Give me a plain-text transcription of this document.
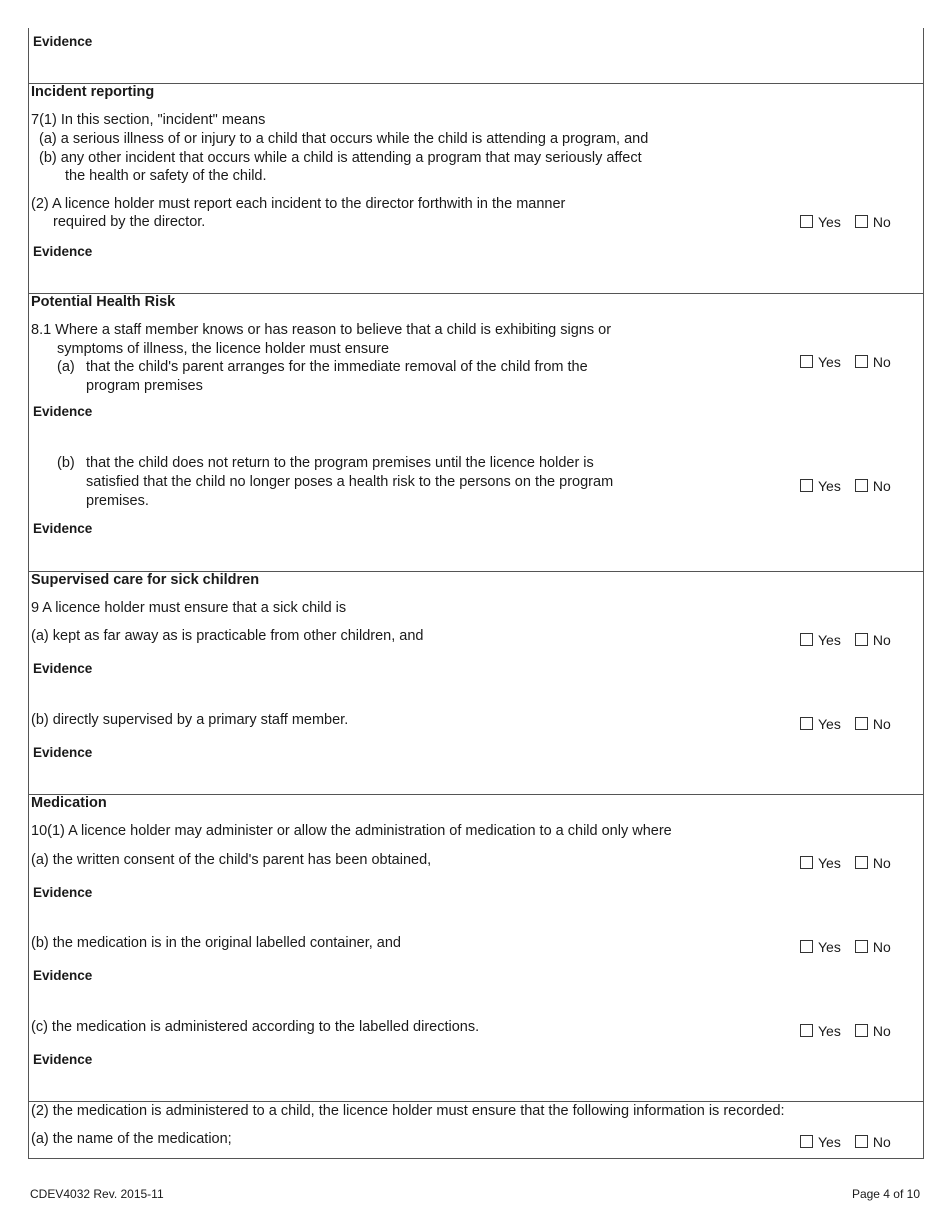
Evidence
Incident reporting
7(1) In this section, "incident" means
(a) a serious illness of or injury to a child that occurs while the child is attending a program, and
(b) any other incident that occurs while a child is attending a program that may seriously affect
the health or safety of the child.
(2) A licence holder must report each incident to the director forthwith in the manner
required by the director.	Yes No
Evidence
Potential Health Risk
8.1 Where a staff member knows or has reason to believe that a child is exhibiting signs or
symptoms of illness, the licence holder must ensure
(a) that the child's parent arranges for the immediate removal of the child from the
program premises
Yes No
Evidence
(b) that the child does not return to the program premises until the licence holder is
satisfied that the child no longer poses a health risk to the persons on the program
premises.
Yes No
Evidence
Supervised care for sick children
9 A licence holder must ensure that a sick child is
(a) kept as far away as is practicable from other children, and	Yes No
Evidence
(b) directly supervised by a primary staff member.	Yes No
Evidence
Medication
10(1) A licence holder may administer or allow the administration of medication to a child only where
(a) the written consent of the child's parent has been obtained,	Yes No
Evidence
(b) the medication is in the original labelled container, and	Yes No
Evidence
(c) the medication is administered according to the labelled directions.	Yes No
Evidence
(2) the medication is administered to a child, the licence holder must ensure that the following information is recorded:
(a) the name of the medication;	Yes No
CDEV4032 Rev. 2015-11	Page 4 of 10
